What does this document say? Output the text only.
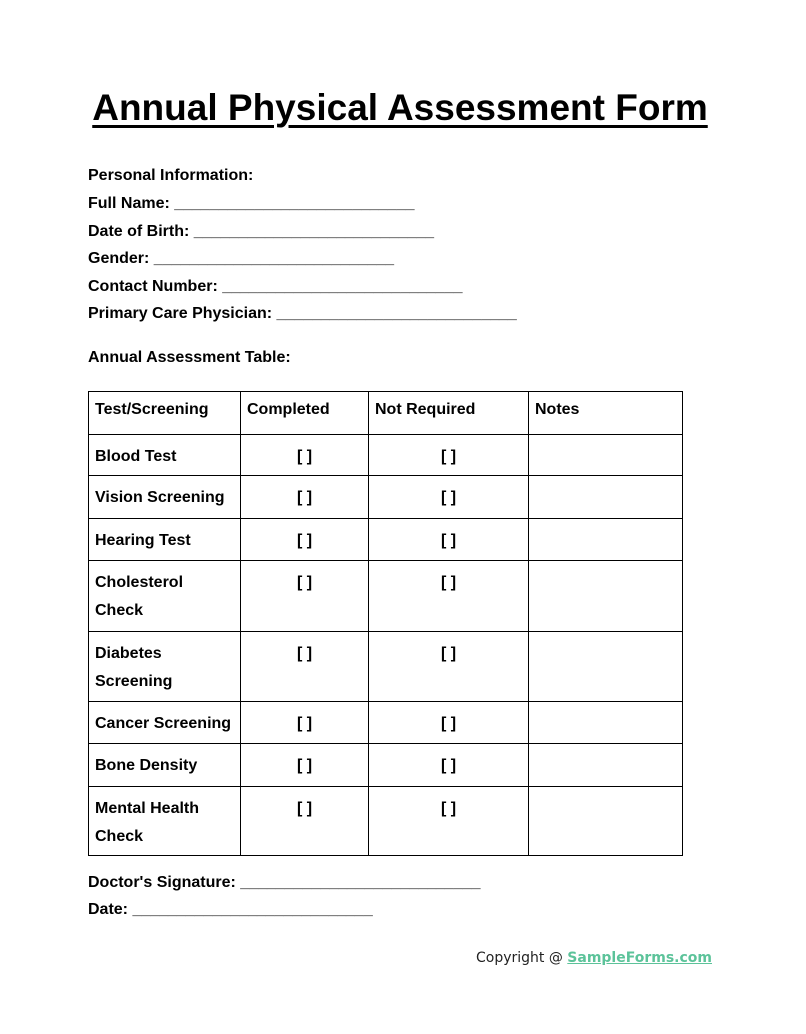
Annual Physical Assessment Form
Personal Information:
Full Name: ___________________________
Date of Birth: ___________________________
Gender: ___________________________
Contact Number: ___________________________
Primary Care Physician: ___________________________
Annual Assessment Table:
Test/Screening	Completed	Not Required	Notes
Blood Test	[ ]	[ ]	
Vision Screening	[ ]	[ ]	
Hearing Test	[ ]	[ ]	
Cholesterol Check	[ ]	[ ]	
Diabetes Screening	[ ]	[ ]	
Cancer Screening	[ ]	[ ]	
Bone Density	[ ]	[ ]	
Mental Health Check	[ ]	[ ]	
Doctor's Signature: ___________________________
Date: ___________________________
Copyright @ SampleForms.com
